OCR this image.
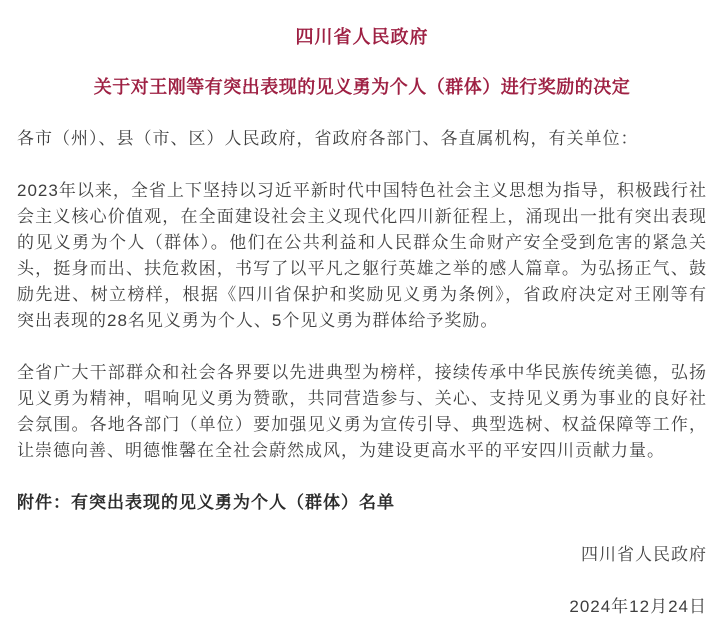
四川省人民政府
关于对王刚等有突出表现的见义勇为个人（群体）进行奖励的决定

各市（州）、县（市、区）人民政府，省政府各部门、各直属机构，有关单位：

2023年以来，全省上下坚持以习近平新时代中国特色社会主义思想为指导，积极践行社会主义核心价值观，在全面建设社会主义现代化四川新征程上，涌现出一批有突出表现的见义勇为个人（群体）。他们在公共利益和人民群众生命财产安全受到危害的紧急关头，挺身而出、扶危救困，书写了以平凡之躯行英雄之举的感人篇章。为弘扬正气、鼓励先进、树立榜样，根据《四川省保护和奖励见义勇为条例》，省政府决定对王刚等有突出表现的28名见义勇为个人、5个见义勇为群体给予奖励。

全省广大干部群众和社会各界要以先进典型为榜样，接续传承中华民族传统美德，弘扬见义勇为精神，唱响见义勇为赞歌，共同营造参与、关心、支持见义勇为事业的良好社会氛围。各地各部门（单位）要加强见义勇为宣传引导、典型选树、权益保障等工作，让崇德向善、明德惟馨在全社会蔚然成风，为建设更高水平的平安四川贡献力量。

附件：有突出表现的见义勇为个人（群体）名单

四川省人民政府

2024年12月24日
